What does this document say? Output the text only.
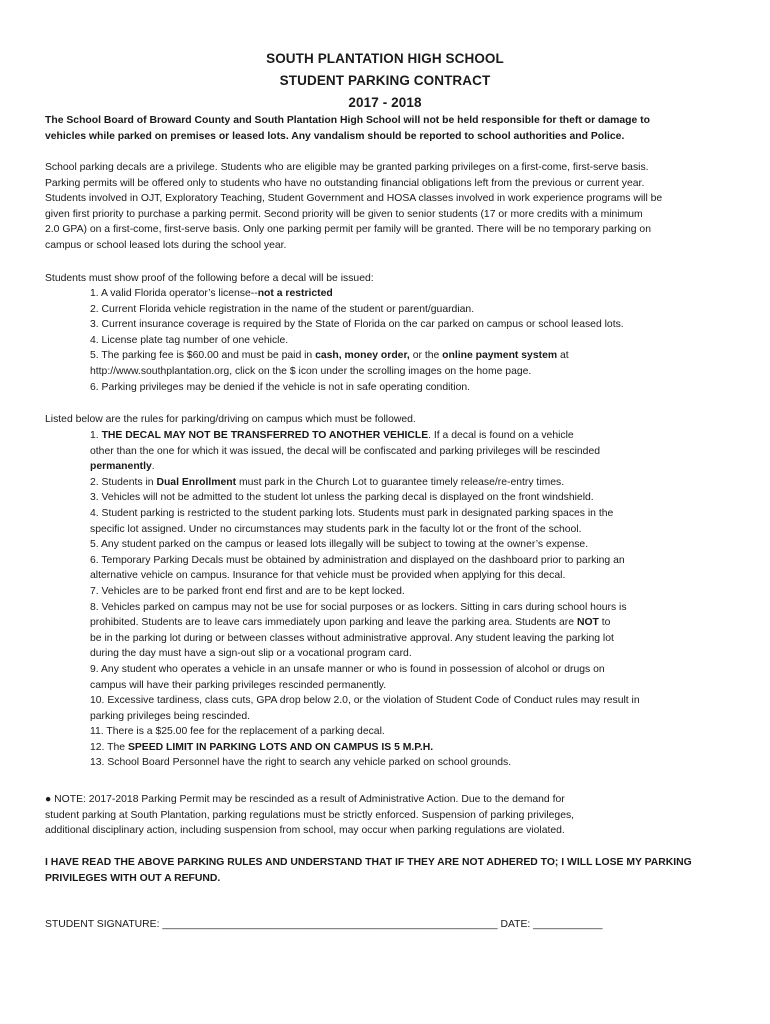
SOUTH PLANTATION HIGH SCHOOL
STUDENT PARKING CONTRACT
2017 - 2018
The School Board of Broward County and South Plantation High School will not be held responsible for theft or damage to
vehicles while parked on premises or leased lots. Any vandalism should be reported to school authorities and Police.
School parking decals are a privilege. Students who are eligible may be granted parking privileges on a first-come, first-serve basis.
Parking permits will be offered only to students who have no outstanding financial obligations left from the previous or current year.
Students involved in OJT, Exploratory Teaching, Student Government and HOSA classes involved in work experience programs will be
given first priority to purchase a parking permit. Second priority will be given to senior students (17 or more credits with a minimum
2.0 GPA) on a first-come, first-serve basis. Only one parking permit per family will be granted. There will be no temporary parking on
campus or school leased lots during the school year.
Students must show proof of the following before a decal will be issued:
1. A valid Florida operator’s license--not a restricted
2. Current Florida vehicle registration in the name of the student or parent/guardian.
3. Current insurance coverage is required by the State of Florida on the car parked on campus or school leased lots.
4. License plate tag number of one vehicle.
5. The parking fee is $60.00 and must be paid in cash, money order, or the online payment system at
http://www.southplantation.org, click on the $ icon under the scrolling images on the home page.
6. Parking privileges may be denied if the vehicle is not in safe operating condition.
Listed below are the rules for parking/driving on campus which must be followed.
1. THE DECAL MAY NOT BE TRANSFERRED TO ANOTHER VEHICLE. If a decal is found on a vehicle
other than the one for which it was issued, the decal will be confiscated and parking privileges will be rescinded
permanently.
2. Students in Dual Enrollment must park in the Church Lot to guarantee timely release/re-entry times.
3. Vehicles will not be admitted to the student lot unless the parking decal is displayed on the front windshield.
4. Student parking is restricted to the student parking lots. Students must park in designated parking spaces in the
specific lot assigned. Under no circumstances may students park in the faculty lot or the front of the school.
5. Any student parked on the campus or leased lots illegally will be subject to towing at the owner’s expense.
6. Temporary Parking Decals must be obtained by administration and displayed on the dashboard prior to parking an
alternative vehicle on campus. Insurance for that vehicle must be provided when applying for this decal.
7. Vehicles are to be parked front end first and are to be kept locked.
8. Vehicles parked on campus may not be use for social purposes or as lockers. Sitting in cars during school hours is
prohibited. Students are to leave cars immediately upon parking and leave the parking area. Students are NOT to
be in the parking lot during or between classes without administrative approval. Any student leaving the parking lot
during the day must have a sign-out slip or a vocational program card.
9. Any student who operates a vehicle in an unsafe manner or who is found in possession of alcohol or drugs on
campus will have their parking privileges rescinded permanently.
10. Excessive tardiness, class cuts, GPA drop below 2.0, or the violation of Student Code of Conduct rules may result in
parking privileges being rescinded.
11. There is a $25.00 fee for the replacement of a parking decal.
12. The SPEED LIMIT IN PARKING LOTS AND ON CAMPUS IS 5 M.P.H.
13. School Board Personnel have the right to search any vehicle parked on school grounds.
● NOTE: 2017-2018 Parking Permit may be rescinded as a result of Administrative Action. Due to the demand for
student parking at South Plantation, parking regulations must be strictly enforced. Suspension of parking privileges,
additional disciplinary action, including suspension from school, may occur when parking regulations are violated.
I HAVE READ THE ABOVE PARKING RULES AND UNDERSTAND THAT IF THEY ARE NOT ADHERED TO; I WILL LOSE MY PARKING
PRIVILEGES WITH OUT A REFUND.
STUDENT SIGNATURE: __________________________________________________________ DATE: ____________
